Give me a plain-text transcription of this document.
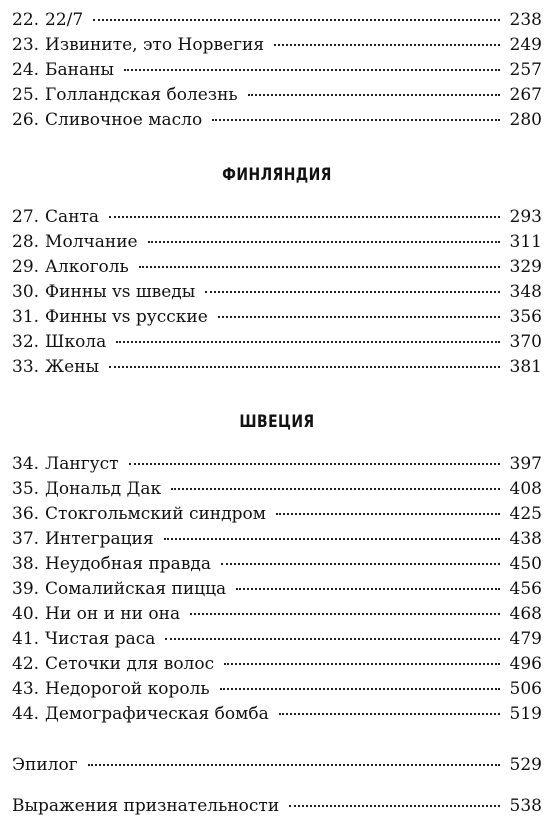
22. 22/7	238
23. Извините, это Норвегия	249
24. Бананы	257
25. Голландская болезнь	267
26. Сливочное масло	280
ФИНЛЯНДИЯ
27. Санта	293
28. Молчание	311
29. Алкоголь	329
30. Финны vs шведы	348
31. Финны vs русские	356
32. Школа	370
33. Жены	381
ШВЕЦИЯ
34. Лангуст	397
35. Дональд Дак	408
36. Стокгольмский синдром	425
37. Интеграция	438
38. Неудобная правда	450
39. Сомалийская пицца	456
40. Ни он и ни она	468
41. Чистая раса	479
42. Сеточки для волос	496
43. Недорогой король	506
44. Демографическая бомба	519
Эпилог	529
Выражения признательности	538
